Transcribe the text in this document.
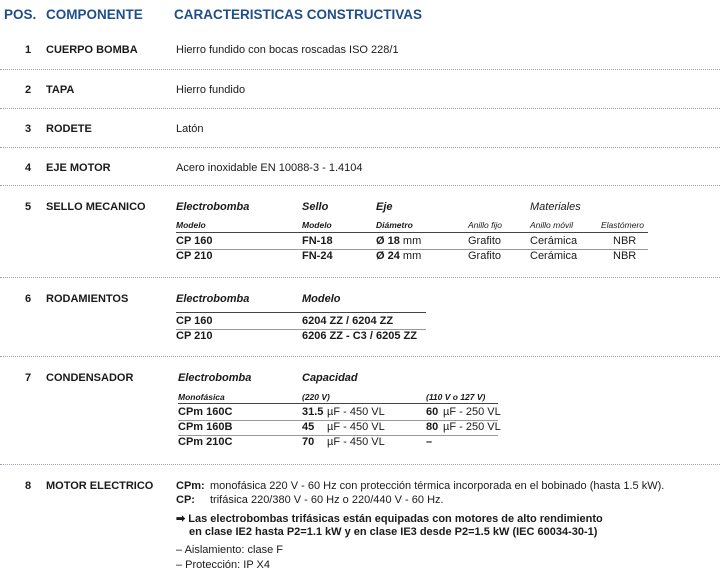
POS. COMPONENTE CARACTERISTICAS CONSTRUCTIVAS
1 CUERPO BOMBA	Hierro fundido con bocas roscadas ISO 228/1
2 TAPA	Hierro fundido
3 RODETE	Latón
4 EJE MOTOR	Acero inoxidable EN 10088-3 - 1.4104
5 SELLO MECANICO	Electrobomba	Sello	Eje	Materiales
Modelo	Modelo	Diámetro	Anillo fijo	Anillo móvil	Elastómero
CP 160	FN-18	Ø 18 mm	Grafito	Cerámica	NBR
CP 210	FN-24	Ø 24 mm	Grafito	Cerámica	NBR
6 RODAMIENTOS	Electrobomba	Modelo
CP 160	6204 ZZ / 6204 ZZ
CP 210	6206 ZZ - C3 / 6205 ZZ
7 CONDENSADOR	Electrobomba	Capacidad
Monofásica	(220 V)	(110 V o 127 V)
CPm 160C	31.5 µF - 450 VL	60 µF - 250 VL
CPm 160B	45 µF - 450 VL	80 µF - 250 VL
CPm 210C	70 µF - 450 VL	–
8 MOTOR ELECTRICO CPm: monofásica 220 V - 60 Hz con protección térmica incorporada en el bobinado (hasta 1.5 kW).
CP: trifásica 220/380 V - 60 Hz o 220/440 V - 60 Hz.
➡ Las electrobombas trifásicas están equipadas con motores de alto rendimiento
en clase IE2 hasta P2=1.1 kW y en clase IE3 desde P2=1.5 kW (IEC 60034-30-1)
– Aislamiento: clase F
– Protección: IP X4
